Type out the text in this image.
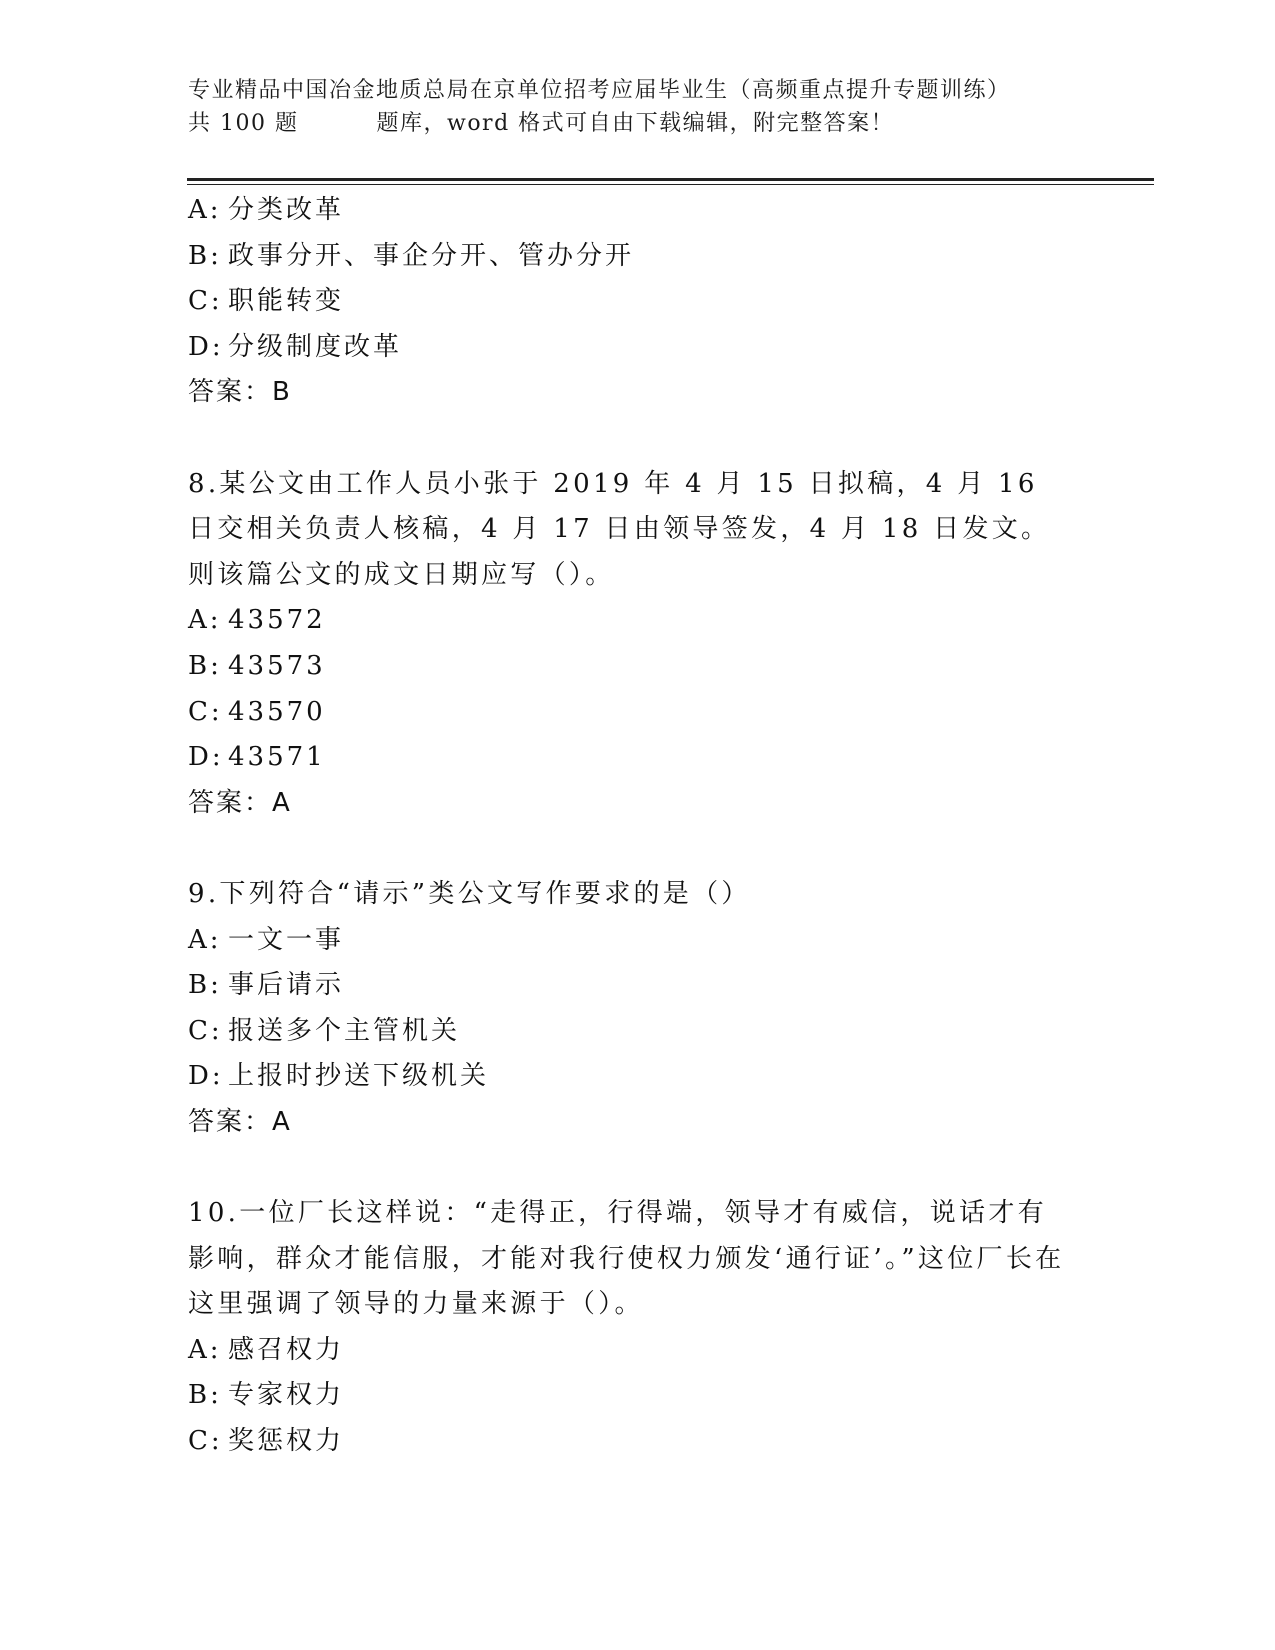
专业精品中国冶金地质总局在京单位招考应届毕业生（高频重点提升专题训练）
共 100 题	题库，word 格式可自由下载编辑，附完整答案！
A: 分类改革
B: 政事分开、事企分开、管办分开
C: 职能转变
D: 分级制度改革
答案：B
8.某公文由工作人员小张于 2019 年 4 月 15 日拟稿，4 月 16 日交相关负责人核稿，4 月 17 日由领导签发，4 月 18 日发文。则该篇公文的成文日期应写（）。
A: 43572
B: 43573
C: 43570
D: 43571
答案：A
9.下列符合“请示”类公文写作要求的是（）
A: 一文一事
B: 事后请示
C: 报送多个主管机关
D: 上报时抄送下级机关
答案：A
10.一位厂长这样说：“走得正，行得端，领导才有威信，说话才有影响，群众才能信服，才能对我行使权力颁发‘通行证’。”这位厂长在这里强调了领导的力量来源于（）。
A: 感召权力
B: 专家权力
C: 奖惩权力
